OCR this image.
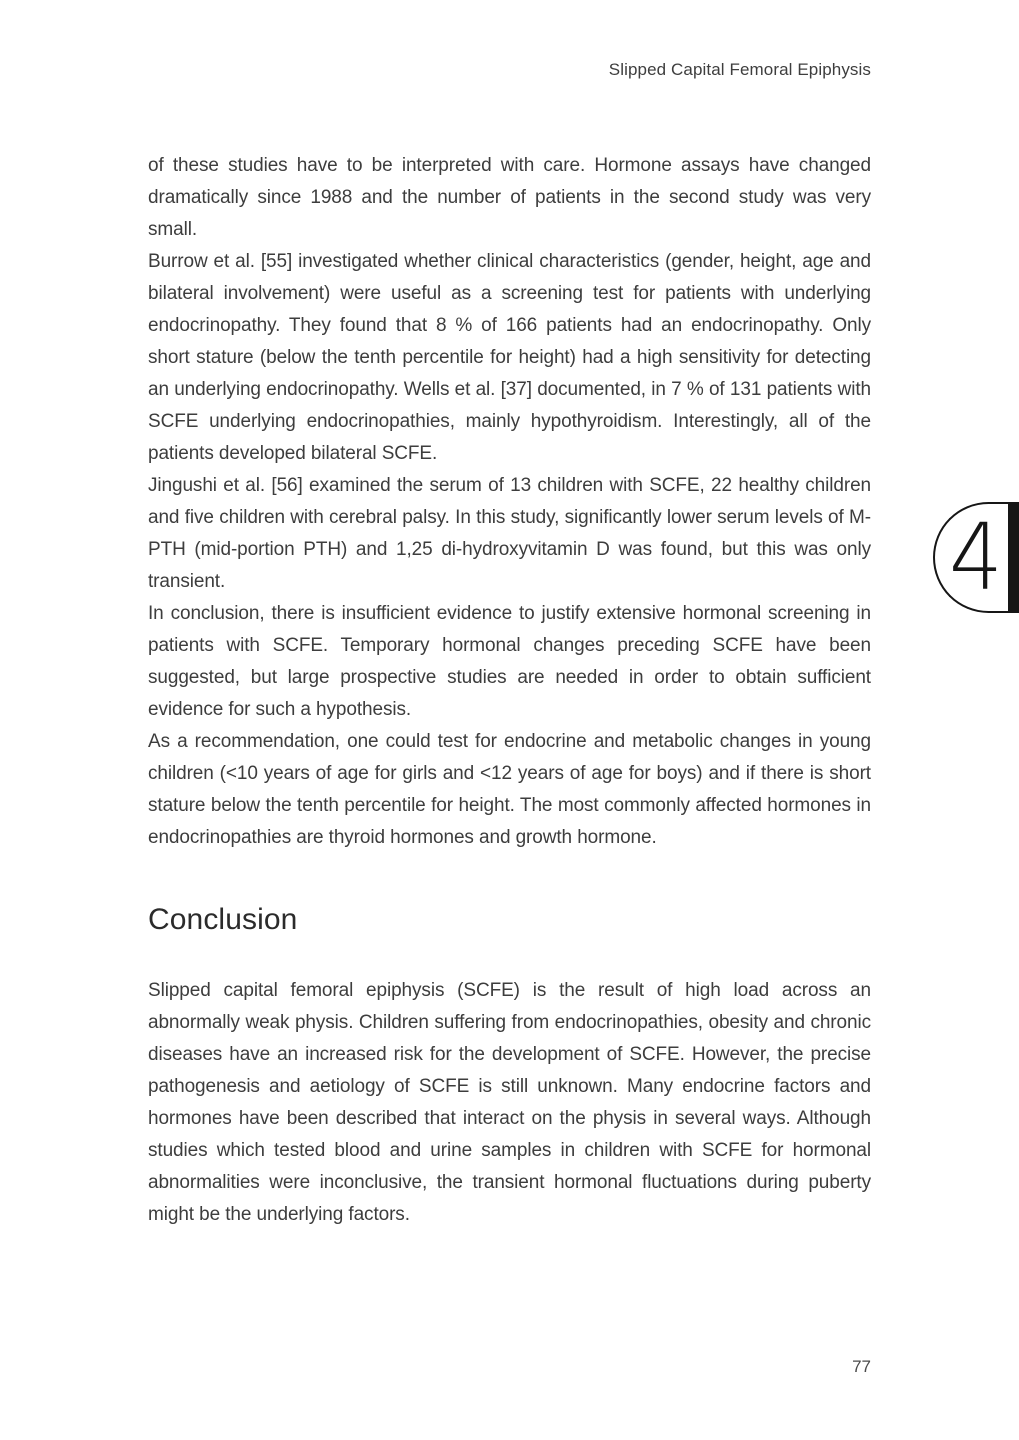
Slipped Capital Femoral Epiphysis

of these studies have to be interpreted with care. Hormone assays have changed dramatically since 1988 and the number of patients in the second study was very small.

Burrow et al. [55] investigated whether clinical characteristics (gender, height, age and bilateral involvement) were useful as a screening test for patients with underlying endocrinopathy. They found that 8 % of 166 patients had an endocrinopathy. Only short stature (below the tenth percentile for height) had a high sensitivity for detecting an underlying endocrinopathy. Wells et al. [37] documented, in 7 % of 131 patients with SCFE underlying endocrinopathies, mainly hypothyroidism. Interestingly, all of the patients developed bilateral SCFE.

Jingushi et al. [56] examined the serum of 13 children with SCFE, 22 healthy children and five children with cerebral palsy. In this study, significantly lower serum levels of M-PTH (mid-portion PTH) and 1,25 di-hydroxyvitamin D was found, but this was only transient.

In conclusion, there is insufficient evidence to justify extensive hormonal screening in patients with SCFE. Temporary hormonal changes preceding SCFE have been suggested, but large prospective studies are needed in order to obtain sufficient evidence for such a hypothesis.

As a recommendation, one could test for endocrine and metabolic changes in young children (<10 years of age for girls and <12 years of age for boys) and if there is short stature below the tenth percentile for height. The most commonly affected hormones in endocrinopathies are thyroid hormones and growth hormone.

Conclusion
Slipped capital femoral epiphysis (SCFE) is the result of high load across an abnormally weak physis. Children suffering from endocrinopathies, obesity and chronic diseases have an increased risk for the development of SCFE. However, the precise pathogenesis and aetiology of SCFE is still unknown. Many endocrine factors and hormones have been described that interact on the physis in several ways. Although studies which tested blood and urine samples in children with SCFE for hormonal abnormalities were inconclusive, the transient hormonal fluctuations during puberty might be the underlying factors.
4
77
